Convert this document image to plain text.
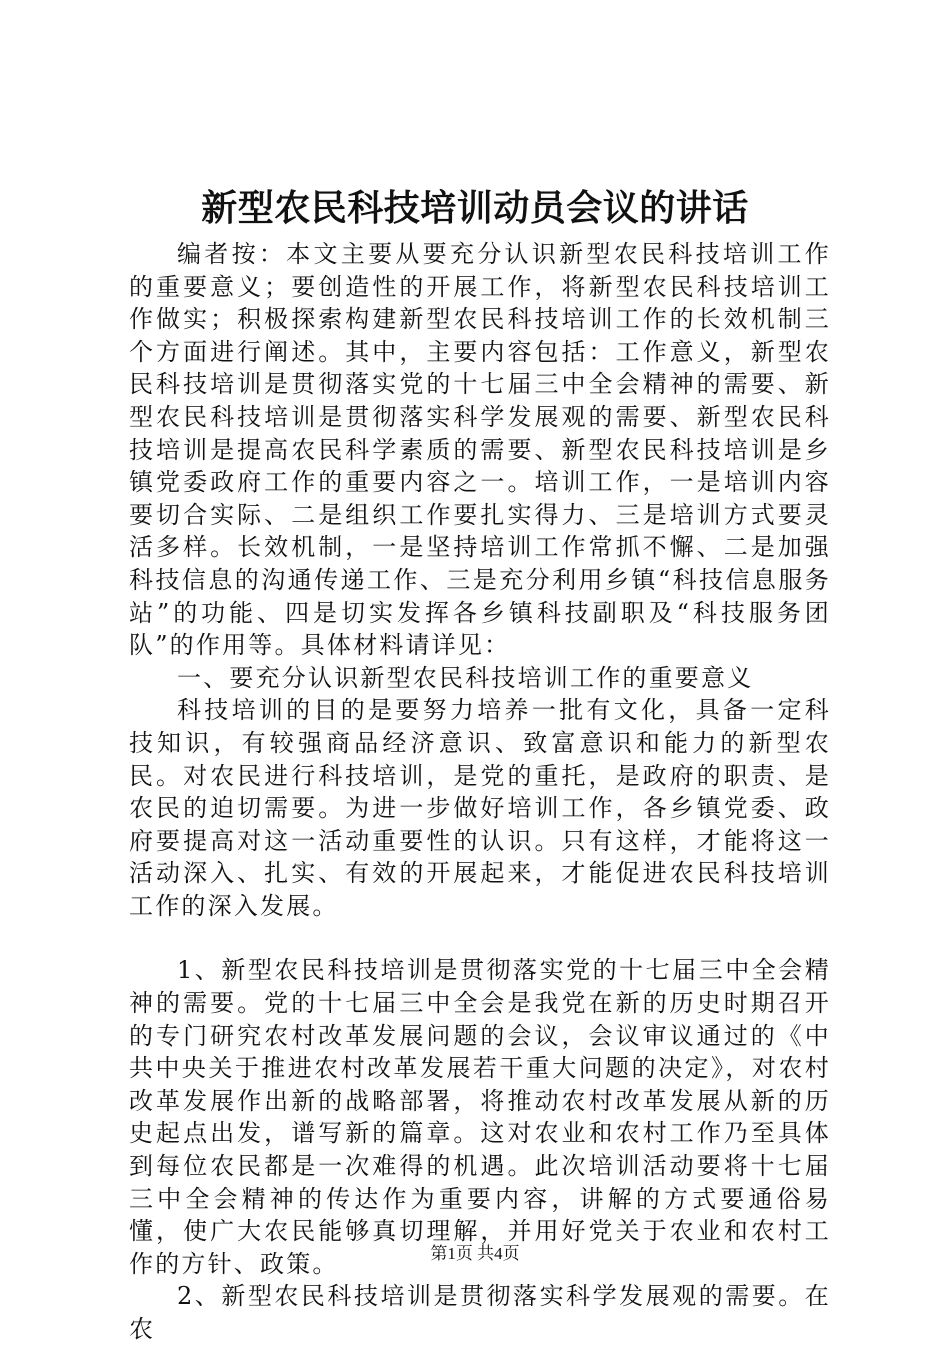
新型农民科技培训动员会议的讲话

编者按：本文主要从要充分认识新型农民科技培训工作的重要意义；要创造性的开展工作，将新型农民科技培训工作做实；积极探索构建新型农民科技培训工作的长效机制三个方面进行阐述。其中，主要内容包括：工作意义，新型农民科技培训是贯彻落实党的十七届三中全会精神的需要、新型农民科技培训是贯彻落实科学发展观的需要、新型农民科技培训是提高农民科学素质的需要、新型农民科技培训是乡镇党委政府工作的重要内容之一。培训工作，一是培训内容要切合实际、二是组织工作要扎实得力、三是培训方式要灵活多样。长效机制，一是坚持培训工作常抓不懈、二是加强科技信息的沟通传递工作、三是充分利用乡镇“科技信息服务站”的功能、四是切实发挥各乡镇科技副职及“科技服务团队”的作用等。具体材料请详见：

一、要充分认识新型农民科技培训工作的重要意义

科技培训的目的是要努力培养一批有文化，具备一定科技知识，有较强商品经济意识、致富意识和能力的新型农民。对农民进行科技培训，是党的重托，是政府的职责、是农民的迫切需要。为进一步做好培训工作，各乡镇党委、政府要提高对这一活动重要性的认识。只有这样，才能将这一活动深入、扎实、有效的开展起来，才能促进农民科技培训工作的深入发展。

1、新型农民科技培训是贯彻落实党的十七届三中全会精神的需要。党的十七届三中全会是我党在新的历史时期召开的专门研究农村改革发展问题的会议，会议审议通过的《中共中央关于推进农村改革发展若干重大问题的决定》，对农村改革发展作出新的战略部署，将推动农村改革发展从新的历史起点出发，谱写新的篇章。这对农业和农村工作乃至具体到每位农民都是一次难得的机遇。此次培训活动要将十七届三中全会精神的传达作为重要内容，讲解的方式要通俗易懂，使广大农民能够真切理解，并用好党关于农业和农村工作的方针、政策。

2、新型农民科技培训是贯彻落实科学发展观的需要。在农

第1页 共4页
